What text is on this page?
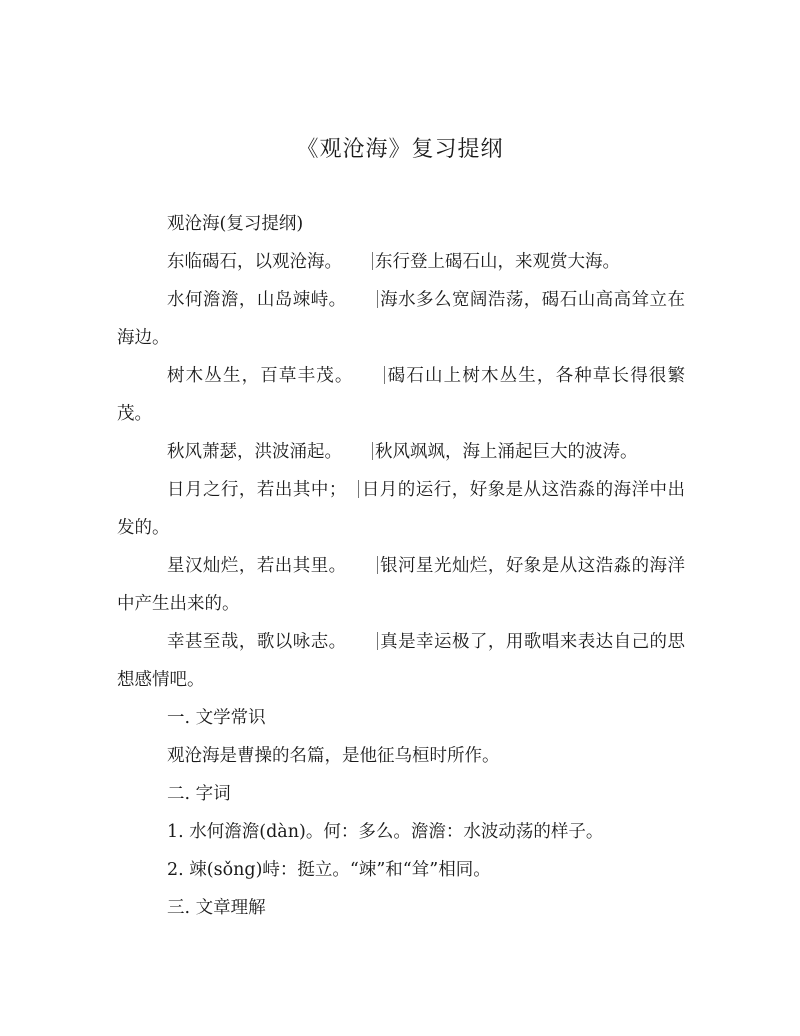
《观沧海》复习提纲

观沧海(复习提纲)

东临碣石，以观沧海。 东行登上碣石山，来观赏大海。

水何澹澹，山岛竦峙。 海水多么宽阔浩荡，碣石山高高耸立在海边。

树木丛生，百草丰茂。 碣石山上树木丛生，各种草长得很繁茂。

秋风萧瑟，洪波涌起。 秋风飒飒，海上涌起巨大的波涛。

日月之行，若出其中； 日月的运行，好象是从这浩淼的海洋中出发的。

星汉灿烂，若出其里。 银河星光灿烂，好象是从这浩淼的海洋中产生出来的。

幸甚至哉，歌以咏志。 真是幸运极了，用歌唱来表达自己的思想感情吧。

一. 文学常识

观沧海是曹操的名篇，是他征乌桓时所作。

二. 字词

1. 水何澹澹(dàn)。何：多么。澹澹：水波动荡的样子。

2. 竦(sǒng)峙：挺立。“竦”和“耸”相同。

三. 文章理解
